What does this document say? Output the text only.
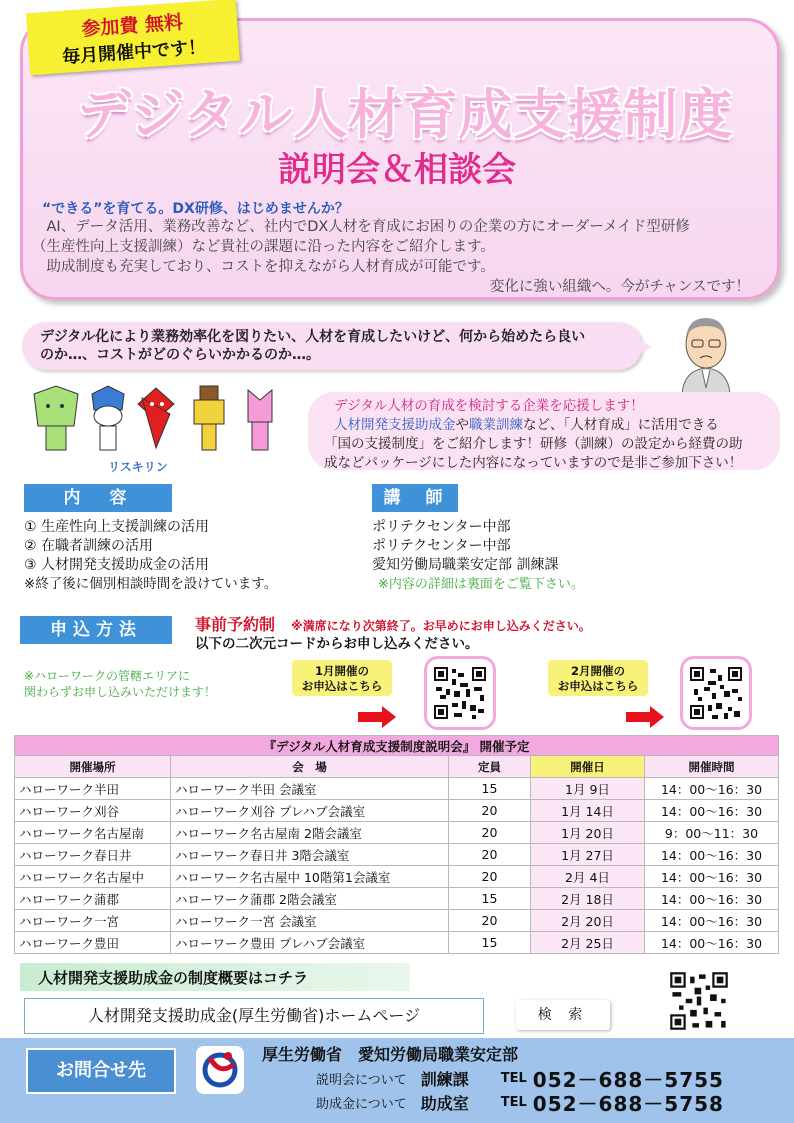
参加費 無料
毎月開催中です！
デジタル人材育成支援制度
説明会＆相談会
“できる”を育てる。DX研修、はじめませんか？

　AI、データ活用、業務改善など、社内でDX人材を育成にお困りの企業の方にオーダーメイド型研修

（生産性向上支援訓練）など貴社の課題に沿った内容をご紹介します。

　助成制度も充実しており、コストを抑えながら人材育成が可能です。

変化に強い組織へ。今がチャンスです！

デジタル化により業務効率化を図りたい、人材を育成したいけど、何から始めたら良い
のか…、コストがどのぐらいかかるのか…。
リスキリン
デジタル人材の育成を検討する企業を応援します！
人材開発支援助成金や職業訓練など、「人材育成」に活用できる
「国の支援制度」をご紹介します！研修（訓練）の設定から経費の助
成などパッケージにした内容になっていますので是非ご参加下さい！
内　容	講　師
① 生産性向上支援訓練の活用
② 在職者訓練の活用
③ 人材開発支援助成金の活用
※終了後に個別相談時間を設けています。
ポリテクセンター中部
ポリテクセンター中部
愛知労働局職業安定部 訓練課
※内容の詳細は裏面をご覧下さい。
申込方法	事前予約制　 ※満席になり次第終了。お早めにお申し込みください。
以下の二次元コードからお申し込みください。
※ハローワークの管轄エリアに
関わらずお申し込みいただけます！
1月開催の
お申込はこちら
2月開催の
お申込はこちら
『デジタル人材育成支援制度説明会』 開催予定				
開催場所	会　場	定員	開催日	開催時間
ハローワーク半田	ハローワーク半田 会議室	15	1月 9日	14：00～16：30
ハローワーク刈谷	ハローワーク刈谷 プレハブ会議室	20	1月 14日	14：00～16：30
ハローワーク名古屋南	ハローワーク名古屋南 2階会議室	20	1月 20日	9：00～11：30
ハローワーク春日井	ハローワーク春日井 3階会議室	20	1月 27日	14：00～16：30
ハローワーク名古屋中	ハローワーク名古屋中 10階第1会議室	20	2月 4日	14：00～16：30
ハローワーク蒲郡	ハローワーク蒲郡 2階会議室	15	2月 18日	14：00～16：30
ハローワーク一宮	ハローワーク一宮 会議室	20	2月 20日	14：00～16：30
ハローワーク豊田	ハローワーク豊田 プレハブ会議室	15	2月 25日	14：00～16：30
人材開発支援助成金の制度概要はコチラ
人材開発支援助成金(厚生労働省)ホームページ	検 索
お問合せ先
厚生労働省　愛知労働局職業安定部
説明会について 訓練課	TEL 052－688－5755
助成金について 助成室	TEL 052－688－5758
